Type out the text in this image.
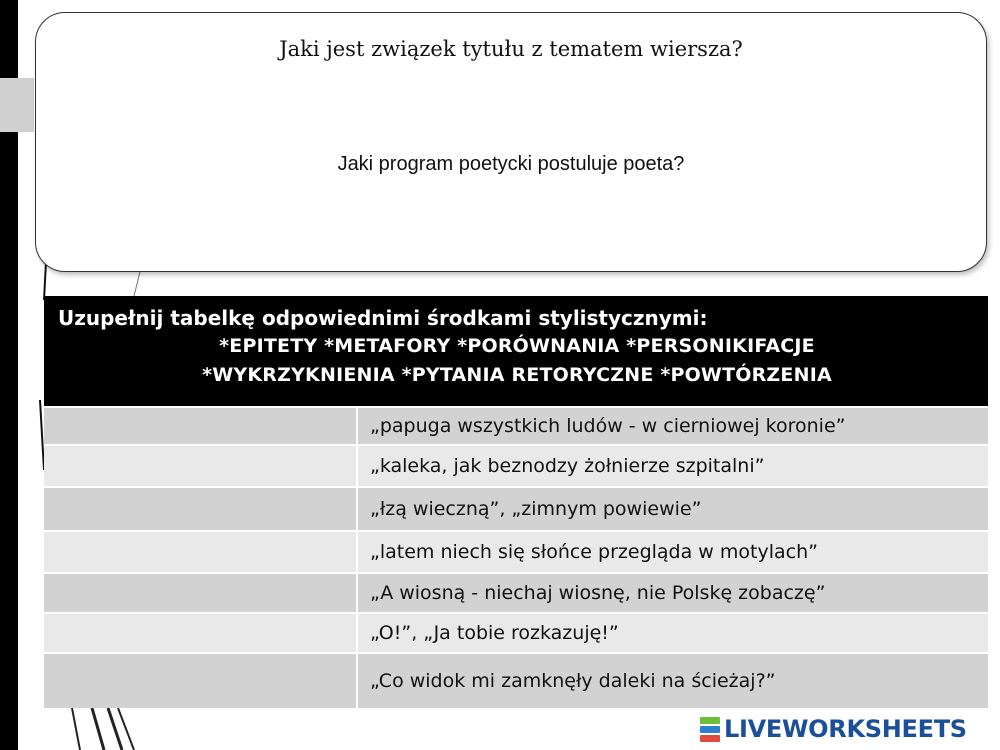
Jaki jest związek tytułu z tematem wiersza?
Jaki program poetycki postuluje poeta?
Uzupełnij tabelkę odpowiednimi środkami stylistycznymi:
*EPITETY *METAFORY *PORÓWNANIA *PERSONIKIFACJE
*WYKRZYKNIENIA *PYTANIA RETORYCZNE *POWTÓRZENIA
„papuga wszystkich ludów - w cierniowej koronie”
„kaleka, jak beznodzy żołnierze szpitalni”
„łzą wieczną”, „zimnym powiewie”
„latem niech się słońce przegląda w motylach”
„A wiosną - niechaj wiosnę, nie Polskę zobaczę”
„O!”, „Ja tobie rozkazuję!”
„Co widok mi zamknęły daleki na ścieżaj?”
LIVEWORKSHEETS
